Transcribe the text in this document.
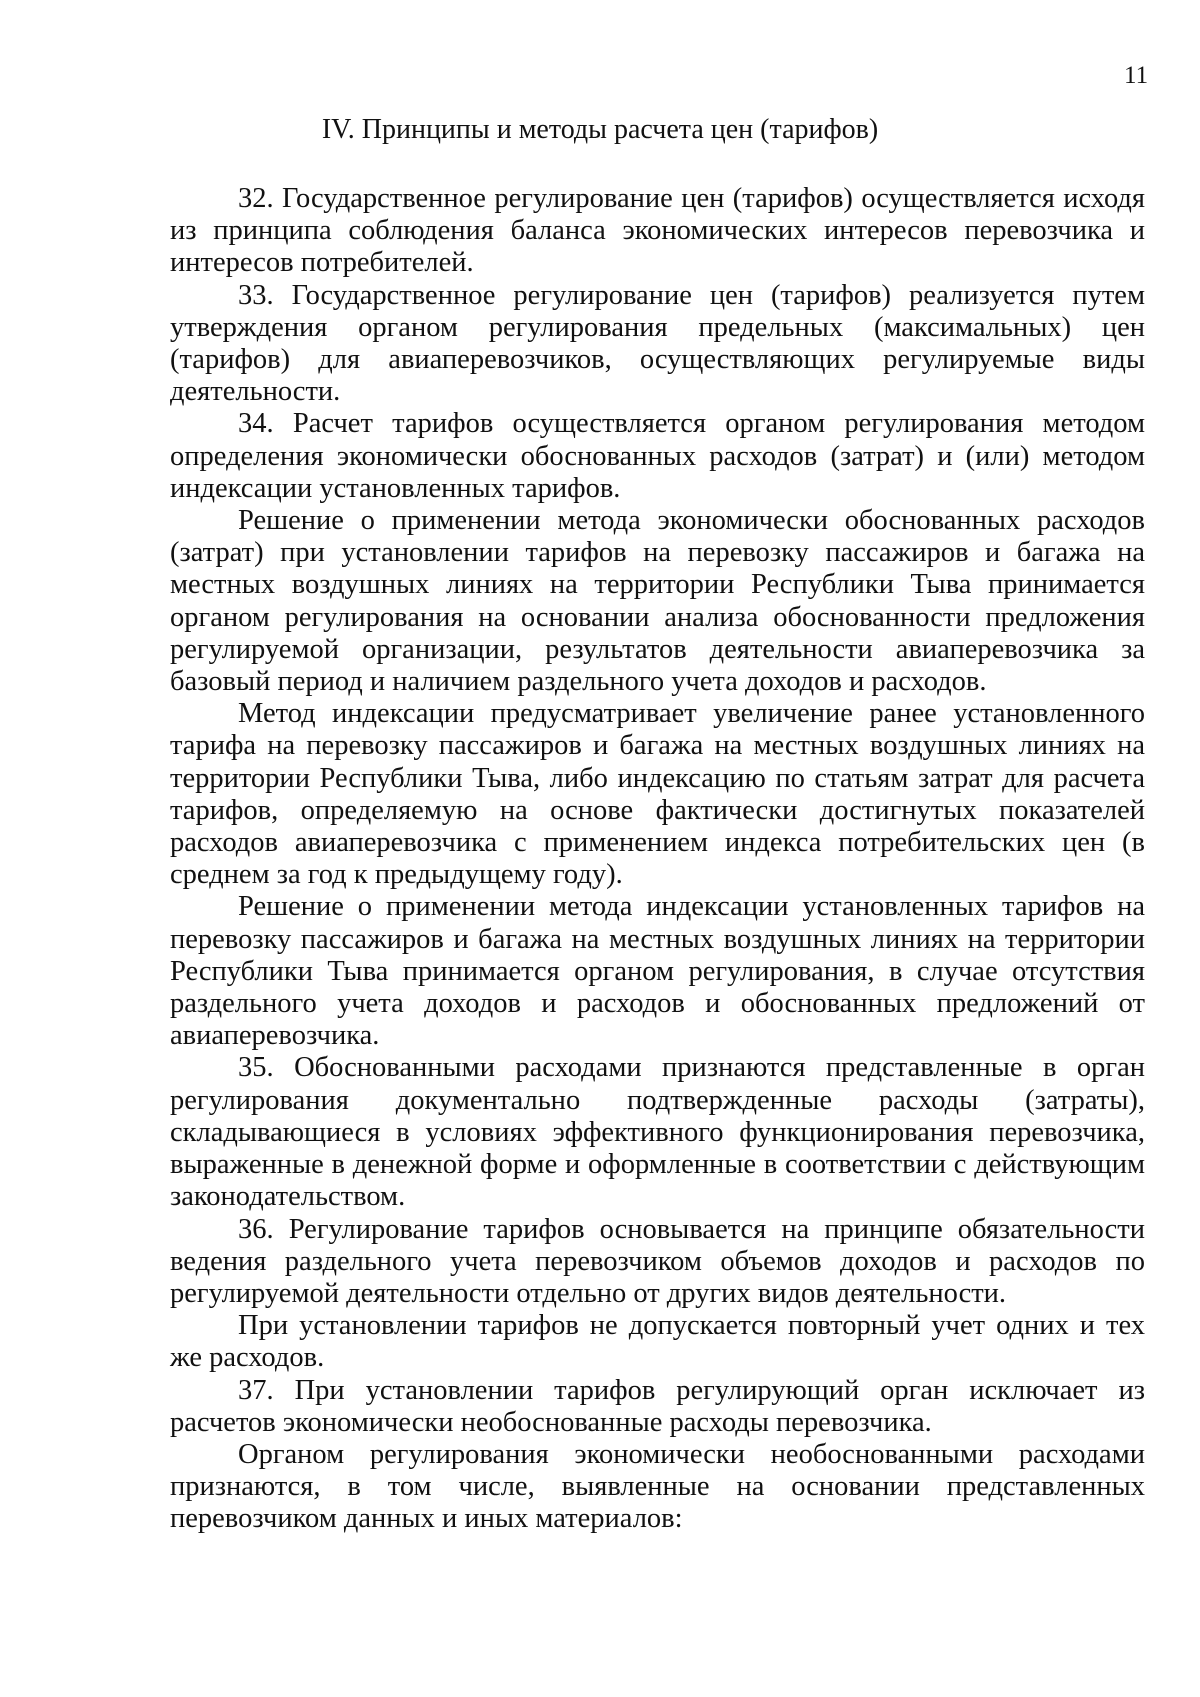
11
IV. Принципы и методы расчета цен (тарифов)

32. Государственное регулирование цен (тарифов) осуществляется исходя из принципа соблюдения баланса экономических интересов перевозчика и интересов потребителей.

33. Государственное регулирование цен (тарифов) реализуется путем утверждения органом регулирования предельных (максимальных) цен (тарифов) для авиаперевозчиков, осуществляющих регулируемые виды деятельности.

34. Расчет тарифов осуществляется органом регулирования методом определения экономически обоснованных расходов (затрат) и (или) методом индексации установленных тарифов.

Решение о применении метода экономически обоснованных расходов (затрат) при установлении тарифов на перевозку пассажиров и багажа на местных воздушных линиях на территории Республики Тыва принимается органом регулирования на основании анализа обоснованности предложения регулируемой организации, результатов деятельности авиаперевозчика за базовый период и наличием раздельного учета доходов и расходов.

Метод индексации предусматривает увеличение ранее установленного тарифа на перевозку пассажиров и багажа на местных воздушных линиях на территории Республики Тыва, либо индексацию по статьям затрат для расчета тарифов, определяемую на основе фактически достигнутых показателей расходов авиаперевозчика с применением индекса потребительских цен (в среднем за год к предыдущему году).

Решение о применении метода индексации установленных тарифов на перевозку пассажиров и багажа на местных воздушных линиях на территории Республики Тыва принимается органом регулирования, в случае отсутствия раздельного учета доходов и расходов и обоснованных предложений от авиаперевозчика.

35. Обоснованными расходами признаются представленные в орган регулирования документально подтвержденные расходы (затраты), складывающиеся в условиях эффективного функционирования перевозчика, выраженные в денежной форме и оформленные в соответствии с действующим законодательством.

36. Регулирование тарифов основывается на принципе обязательности ведения раздельного учета перевозчиком объемов доходов и расходов по регулируемой деятельности отдельно от других видов деятельности.

При установлении тарифов не допускается повторный учет одних и тех же расходов.

37. При установлении тарифов регулирующий орган исключает из расчетов экономически необоснованные расходы перевозчика.

Органом регулирования экономически необоснованными расходами признаются, в том числе, выявленные на основании представленных перевозчиком данных и иных материалов:
